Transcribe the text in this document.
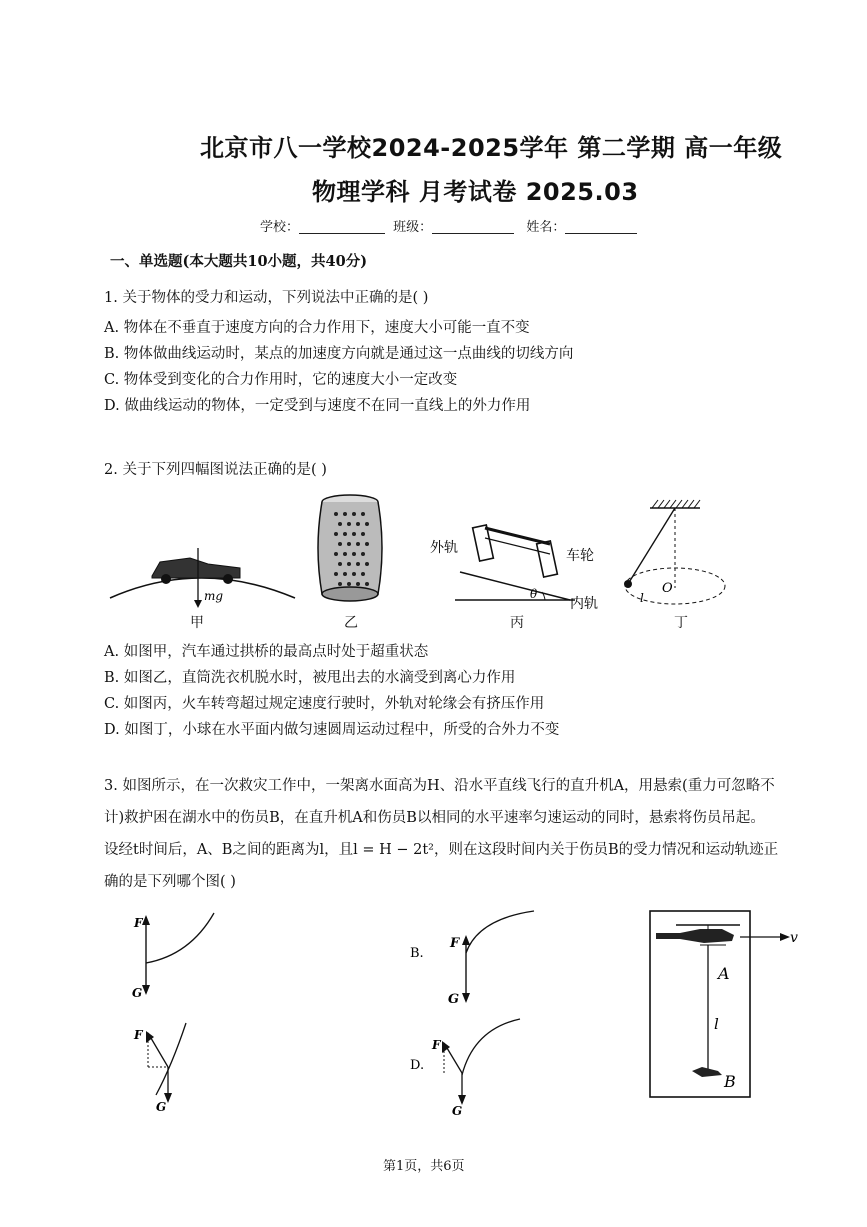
北京市八一学校2024-2025学年 第二学期 高一年级
物理学科 月考试卷 2025.03
学校：	班级：	姓名：
一、单选题(本大题共10小题，共40分)
1. 关于物体的受力和运动，下列说法中正确的是( )
A. 物体在不垂直于速度方向的合力作用下，速度大小可能一直不变
B. 物体做曲线运动时，某点的加速度方向就是通过这一点曲线的切线方向
C. 物体受到变化的合力作用时，它的速度大小一定改变
D. 做曲线运动的物体，一定受到与速度不在同一直线上的外力作用
2. 关于下列四幅图说法正确的是( )
mg
外轨	车轮
内轨
θ	O
l
甲	乙	丙	丁
A. 如图甲，汽车通过拱桥的最高点时处于超重状态
B. 如图乙，直筒洗衣机脱水时，被甩出去的水滴受到离心力作用
C. 如图丙，火车转弯超过规定速度行驶时，外轨对轮缘会有挤压作用
D. 如图丁，小球在水平面内做匀速圆周运动过程中，所受的合外力不变
3. 如图所示，在一次救灾工作中，一架离水面高为H、沿水平直线飞行的直升机A，用悬索(重力可忽略不
计)救护困在湖水中的伤员B，在直升机A和伤员B以相同的水平速率匀速运动的同时，悬索将伤员吊起。
设经t时间后，A、B之间的距离为l，且l = H − 2t²，则在这段时间内关于伤员B的受力情况和运动轨迹正
确的是下列哪个图( )
F
G
B.
F
G
F
G
D.
F
G
v
A
l
B
第1页，共6页
